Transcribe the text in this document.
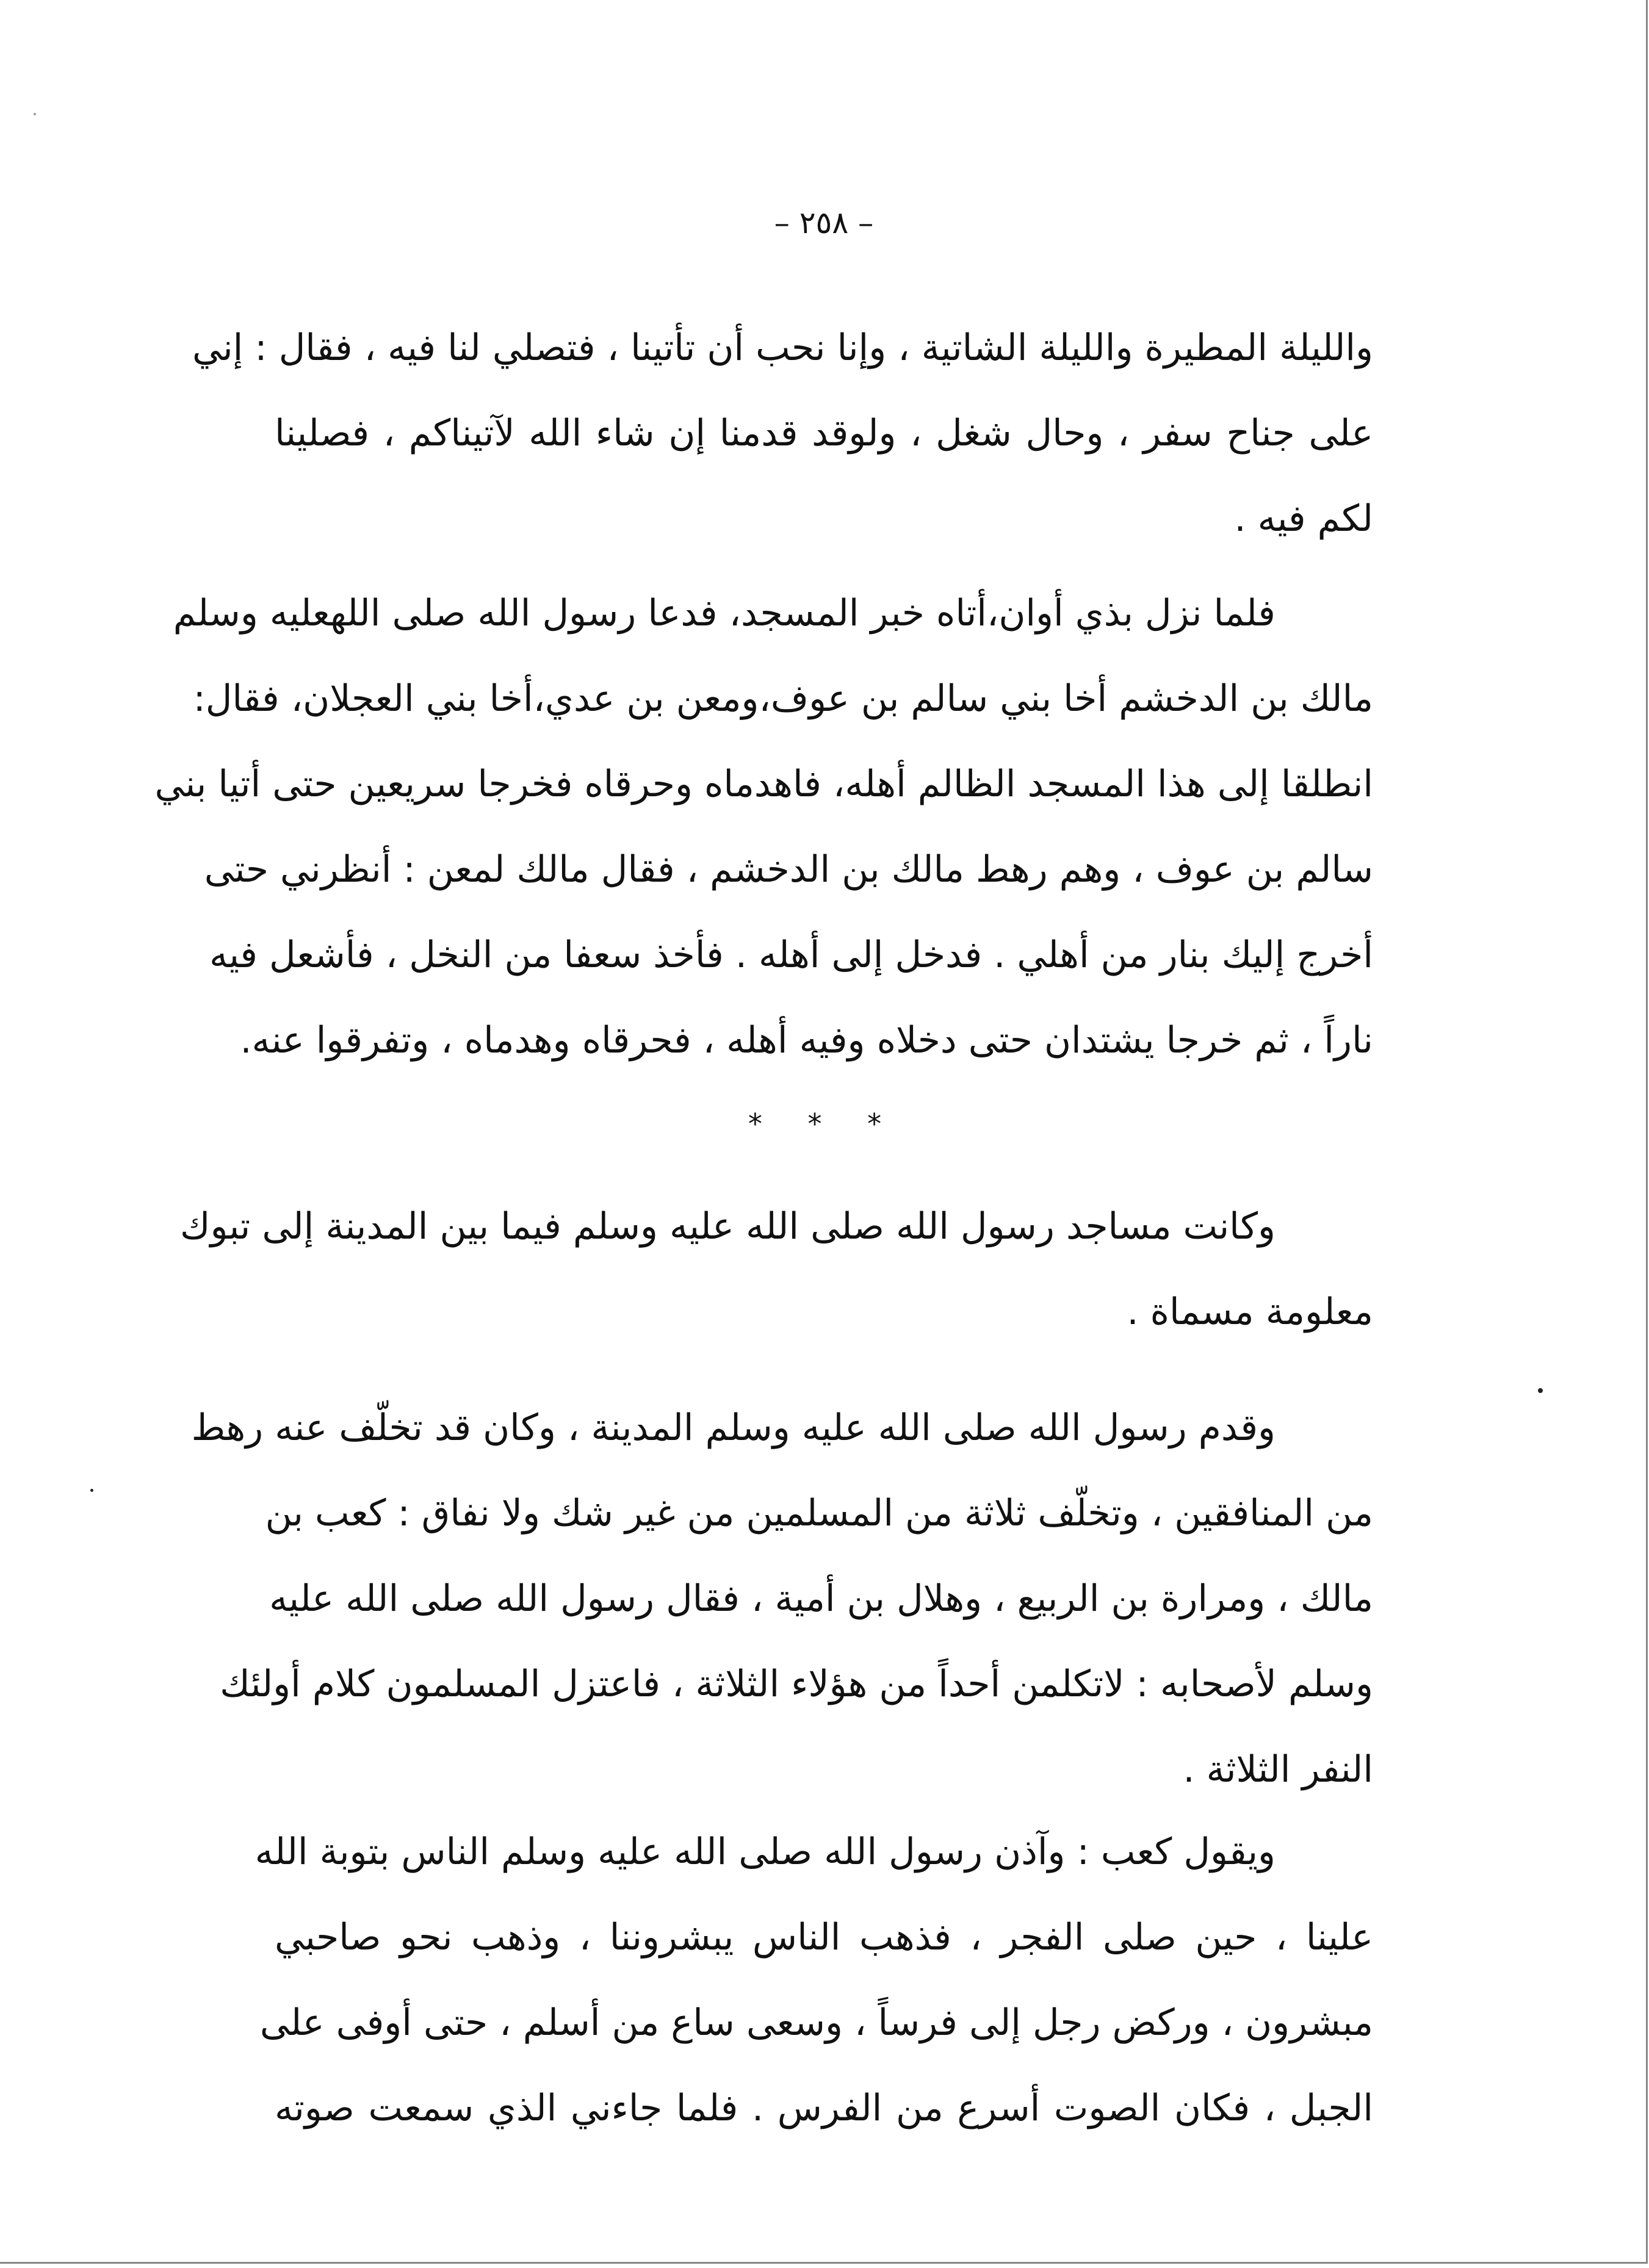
– ٢٥٨ –
والليلة المطيرة والليلة الشاتية ، وإنا نحب أن تأتينا ، فتصلي لنا فيه ، فقال : إني
على جناح سفر ، وحال شغل ، ولوقد قدمنا إن شاء الله لآتيناكم ، فصلينا
لكم فيه .
فلما نزل بذي أوان،أتاه خبر المسجد، فدعا رسول الله صلى اللهعليه وسلم
مالك بن الدخشم أخا بني سالم بن عوف،ومعن بن عدي،أخا بني العجلان، فقال:
انطلقا إلى هذا المسجد الظالم أهله، فاهدماه وحرقاه فخرجا سريعين حتى أتيا بني
سالم بن عوف ، وهم رهط مالك بن الدخشم ، فقال مالك لمعن : أنظرني حتى
أخرج إليك بنار من أهلي . فدخل إلى أهله . فأخذ سعفا من النخل ، فأشعل فيه
ناراً ، ثم خرجا يشتدان حتى دخلاه وفيه أهله ، فحرقاه وهدماه ، وتفرقوا عنه.
* * *
وكانت مساجد رسول الله صلى الله عليه وسلم فيما بين المدينة إلى تبوك
معلومة مسماة .
وقدم رسول الله صلى الله عليه وسلم المدينة ، وكان قد تخلّف عنه رهط
من المنافقين ، وتخلّف ثلاثة من المسلمين من غير شك ولا نفاق : كعب بن
مالك ، ومرارة بن الربيع ، وهلال بن أمية ، فقال رسول الله صلى الله عليه
وسلم لأصحابه : لاتكلمن أحداً من هؤلاء الثلاثة ، فاعتزل المسلمون كلام أولئك
النفر الثلاثة .
ويقول كعب : وآذن رسول الله صلى الله عليه وسلم الناس بتوبة الله
علينا ، حين صلى الفجر ، فذهب الناس يبشروننا ، وذهب نحو صاحبي
مبشرون ، وركض رجل إلى فرساً ، وسعى ساع من أسلم ، حتى أوفى على
الجبل ، فكان الصوت أسرع من الفرس . فلما جاءني الذي سمعت صوته
